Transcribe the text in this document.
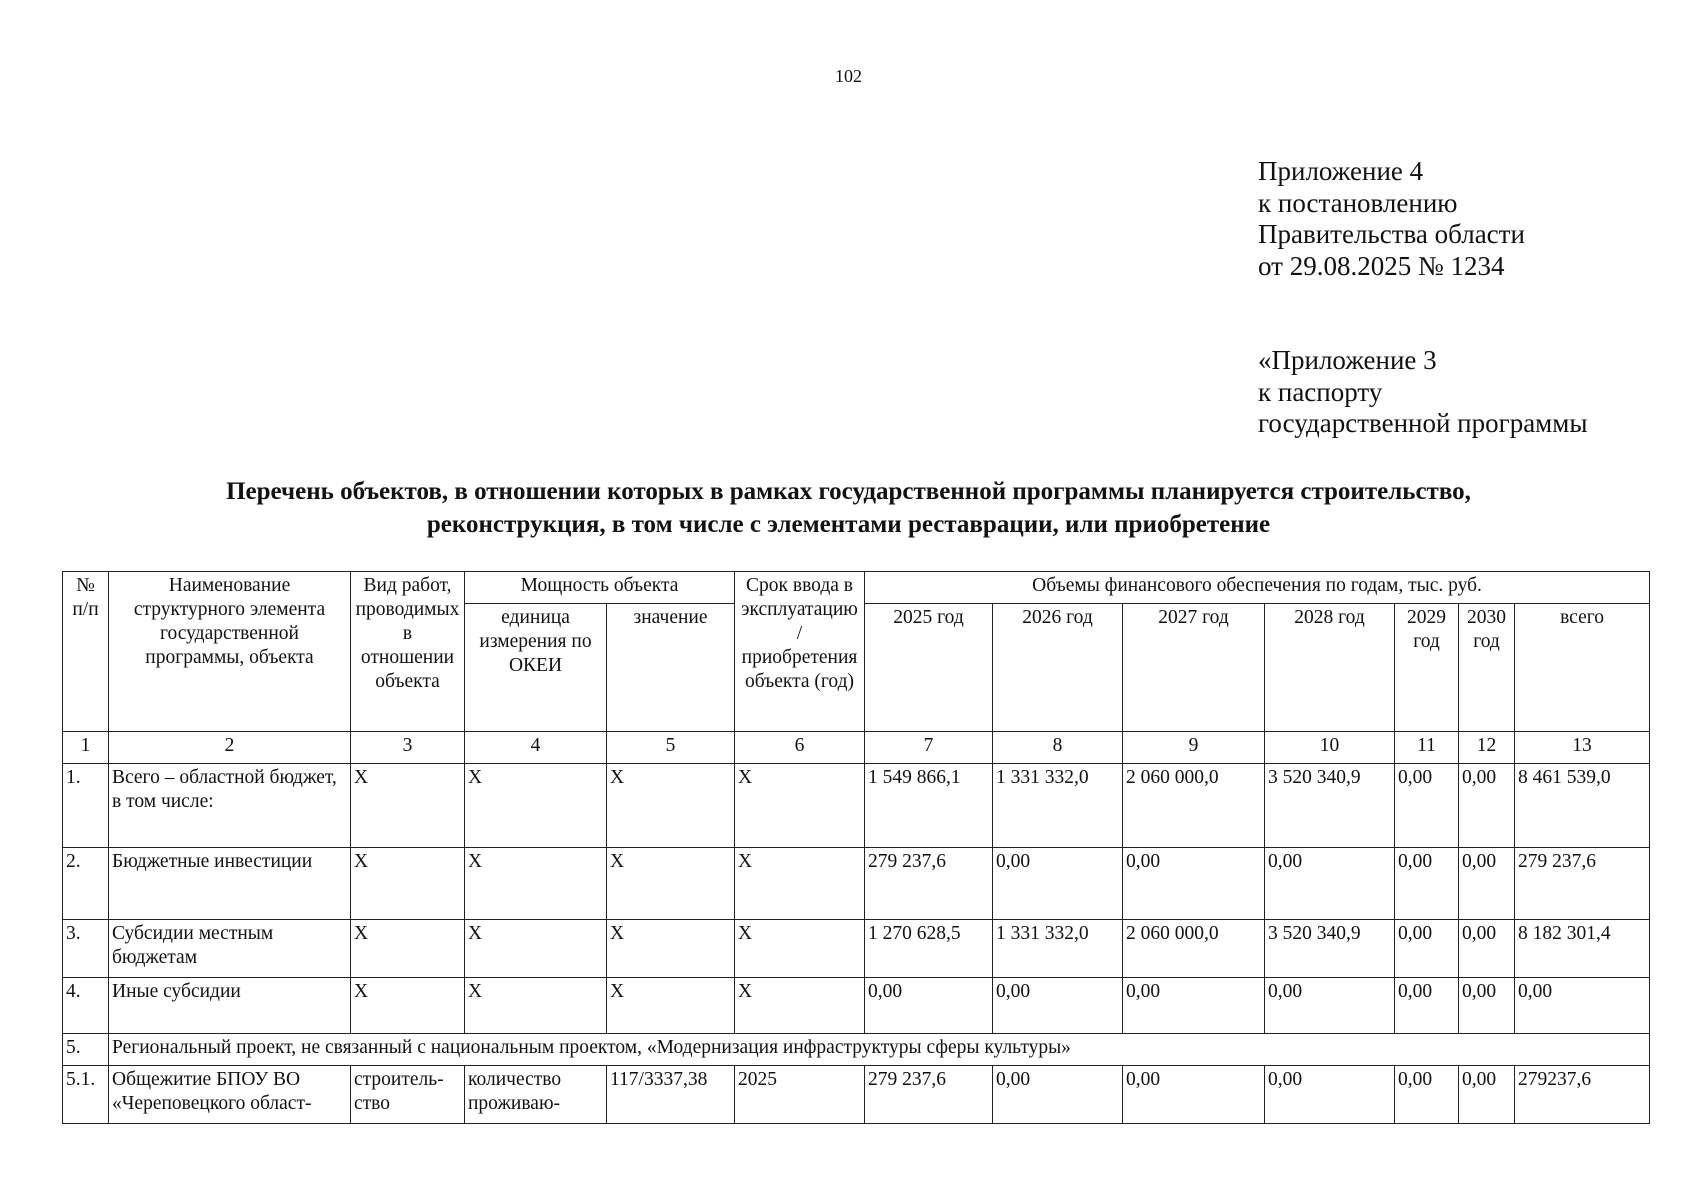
102
Приложение 4
к постановлению
Правительства области
от 29.08.2025 № 1234
«Приложение 3
к паспорту
государственной программы
Перечень объектов, в отношении которых в рамках государственной программы планируется строительство,
реконструкция, в том числе с элементами реставрации, или приобретение
№ п/п	Наименование структурного элемента государственной программы, объекта	Вид работ, проводимых в отношении объекта	Мощность объекта		Срок ввода в эксплуатацию / приобретения объекта (год)	Объемы финансового обеспечения по годам, тыс. руб.						
			единица измерения по ОКЕИ	значение		2025 год	2026 год	2027 год	2028 год	2029 год	2030 год	всего
1	2	3	4	5	6	7	8	9	10	11	12	13
1.	Всего – областной бюджет, в том числе:	X	X	X	X	1 549 866,1	1 331 332,0	2 060 000,0	3 520 340,9	0,00	0,00	8 461 539,0
2.	Бюджетные инвестиции	X	X	X	X	279 237,6	0,00	0,00	0,00	0,00	0,00	279 237,6
3.	Субсидии местным бюджетам	X	X	X	X	1 270 628,5	1 331 332,0	2 060 000,0	3 520 340,9	0,00	0,00	8 182 301,4
4.	Иные субсидии	X	X	X	X	0,00	0,00	0,00	0,00	0,00	0,00	0,00
5.	Региональный проект, не связанный с национальным проектом, «Модернизация инфраструктуры сферы культуры»											
5.1.	Общежитие БПОУ ВО «Череповецкого област-	строитель-ство	количество проживаю-	117/3337,38	2025	279 237,6	0,00	0,00	0,00	0,00	0,00	279237,6
